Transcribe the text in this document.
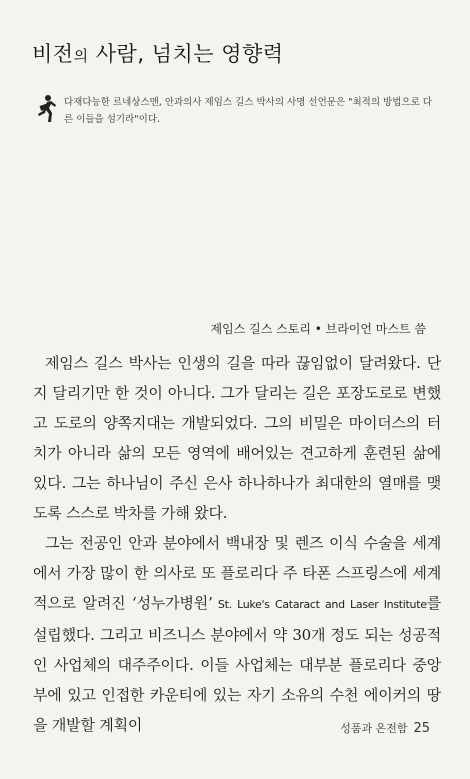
비전의 사람, 넘치는 영향력
다재다능한 르네상스맨, 안과의사 제임스 길스 박사의 사명 선언문은 "최적의 방법으로 다른 이들을 섬기라"이다.
제임스 길스 스토리 • 브라이언 마스트 씀

제임스 길스 박사는 인생의 길을 따라 끊임없이 달려왔다. 단지 달리기만 한 것이 아니다. 그가 달리는 길은 포장도로로 변했고 도로의 양쪽지대는 개발되었다. 그의 비밀은 마이더스의 터치가 아니라 삶의 모든 영역에 배어있는 견고하게 훈련된 삶에 있다. 그는 하나님이 주신 은사 하나하나가 최대한의 열매를 맺도록 스스로 박차를 가해 왔다.

그는 전공인 안과 분야에서 백내장 및 렌즈 이식 수술을 세계에서 가장 많이 한 의사로 또 플로리다 주 타폰 스프링스에 세계적으로 알려진 ‘성누가병원’ St. Luke's Cataract and Laser Institute를 설립했다. 그리고 비즈니스 분야에서 약 30개 정도 되는 성공적인 사업체의 대주주이다. 이들 사업체는 대부분 플로리다 중앙부에 있고 인접한 카운티에 있는 자기 소유의 수천 에이커의 땅을 개발할 계획이	성품과 온전함 25
